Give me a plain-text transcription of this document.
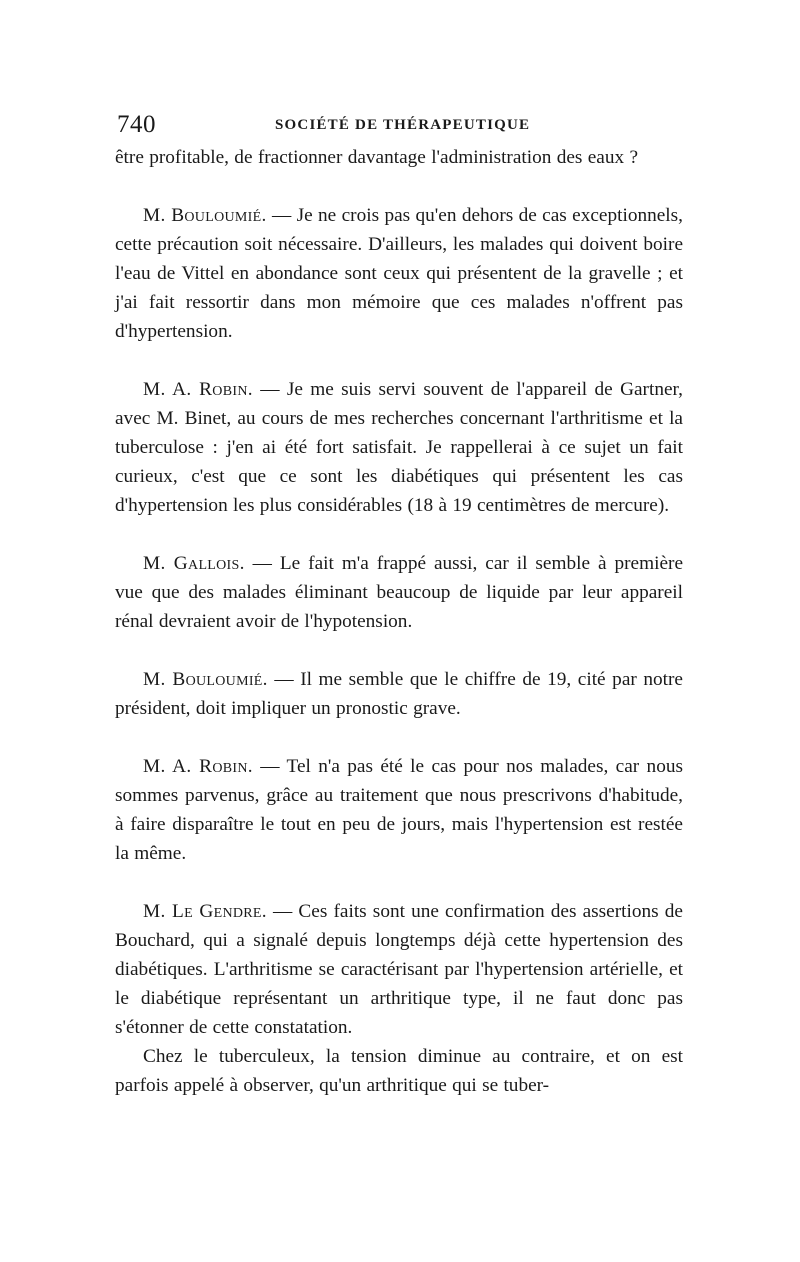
740	SOCIÉTÉ DE THÉRAPEUTIQUE

être profitable, de fractionner davantage l'administration des eaux ?

M. Bouloumié. — Je ne crois pas qu'en dehors de cas exceptionnels, cette précaution soit nécessaire. D'ailleurs, les malades qui doivent boire l'eau de Vittel en abondance sont ceux qui présentent de la gravelle ; et j'ai fait ressortir dans mon mémoire que ces malades n'offrent pas d'hypertension.

M. A. Robin. — Je me suis servi souvent de l'appareil de Gartner, avec M. Binet, au cours de mes recherches concernant l'arthritisme et la tuberculose : j'en ai été fort satisfait. Je rappellerai à ce sujet un fait curieux, c'est que ce sont les diabétiques qui présentent les cas d'hypertension les plus considérables (18 à 19 centimètres de mercure).

M. Gallois. — Le fait m'a frappé aussi, car il semble à première vue que des malades éliminant beaucoup de liquide par leur appareil rénal devraient avoir de l'hypotension.

M. Bouloumié. — Il me semble que le chiffre de 19, cité par notre président, doit impliquer un pronostic grave.

M. A. Robin. — Tel n'a pas été le cas pour nos malades, car nous sommes parvenus, grâce au traitement que nous prescrivons d'habitude, à faire disparaître le tout en peu de jours, mais l'hypertension est restée la même.

M. Le Gendre. — Ces faits sont une confirmation des assertions de Bouchard, qui a signalé depuis longtemps déjà cette hypertension des diabétiques. L'arthritisme se caractérisant par l'hypertension artérielle, et le diabétique représentant un arthritique type, il ne faut donc pas s'étonner de cette constatation.

Chez le tuberculeux, la tension diminue au contraire, et on est parfois appelé à observer, qu'un arthritique qui se tuber-
